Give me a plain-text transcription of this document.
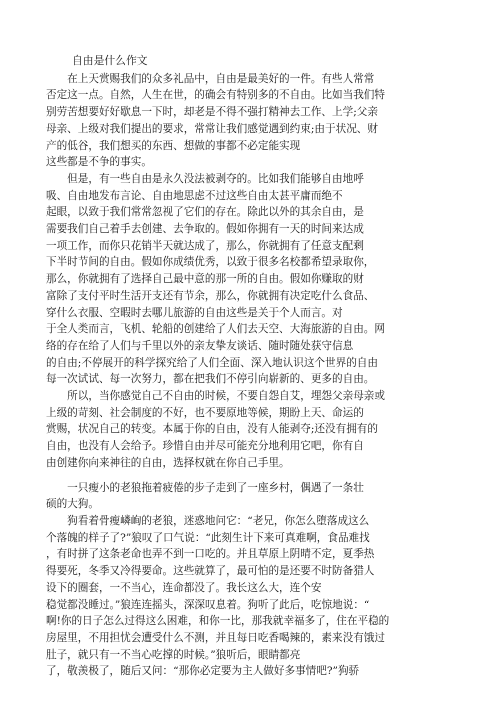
自由是什么作文
　　在上天赏赐我们的众多礼品中，自由是最美好的一件。有些人常常
否定这一点。自然，人生在世，的确会有特别多的不自由。比如当我们特
别劳苦想要好好歇息一下时，却老是不得不强打精神去工作、上学;父亲
母亲、上级对我们提出的要求，常常让我们感觉遇到约束;由于状况、财
产的低谷，我们想买的东西、想做的事都不必定能实现
这些都是不争的事实。
　　但是，有一些自由是永久没法被剥夺的。比如我们能够自由地呼
吸、自由地发布言论、自由地思虑不过这些自由太甚平庸而绝不
起眼，以致于我们常常忽视了它们的存在。除此以外的其余自由，是
需要我们自己着手去创建、去争取的。假如你拥有一天的时间来达成
一项工作，而你只花销半天就达成了，那么，你就拥有了任意支配剩
下半时节间的自由。假如你成绩优秀，以致于很多名校都希望录取你，
那么，你就拥有了选择自己最中意的那一所的自由。假如你赚取的财
富除了支付平时生活开支还有节余，那么，你就拥有决定吃什么食品、
穿什么衣服、空暇时去哪儿旅游的自由这些是关于个人而言。对
于全人类而言，飞机、轮船的创建给了人们去天空、大海旅游的自由。网
络的存在给了人们与千里以外的亲友挚友谈话、随时随处获守信息
的自由;不停展开的科学探究给了人们全面、深入地认识这个世界的自由
每一次试试、每一次努力，都在把我们不停引向崭新的、更多的自由。
　　所以，当你感觉自己不自由的时候，不要自怨自艾，埋怨父亲母亲或
上级的苛刻、社会制度的不好，也不要原地等候，期盼上天、命运的
赏赐，状况自己的转变。本属于你的自由，没有人能剥夺;还没有拥有的
自由，也没有人会给予。珍惜自由并尽可能充分地利用它吧，你有自
由创建你向来神往的自由，选择权就在你自己手里。
　　一只瘦小的老狼拖着疲倦的步子走到了一座乡村，偶遇了一条壮
硕的大狗。
　　狗看着骨瘦嶙峋的老狼，迷惑地问它：“老兄，你怎么堕落成这么
个落魄的样子了?”狼叹了口气说：“此刻生计下来可真难啊，食品难找
，有时拼了这条老命也弄不到一口吃的。并且草原上阴晴不定，夏季热
得要死，冬季又冷得要命。这些就算了，最可怕的是还要不时防备猎人
设下的圈套，一不当心，连命都没了。我长这么大，连个安
稳觉都没睡过。”狼连连摇头，深深叹息着。狗听了此后，吃惊地说：“
啊!你的日子怎么过得这么困难，和你一比，那我就幸福多了，住在平稳的
房屋里，不用担忧会遭受什么不测，并且每日吃香喝辣的，素来没有饿过
肚子，就只有一不当心吃撑的时候。”狼听后，眼睛都亮
了，敬羡极了，随后又问：“那你必定要为主人做好多事情吧?”狗骄
